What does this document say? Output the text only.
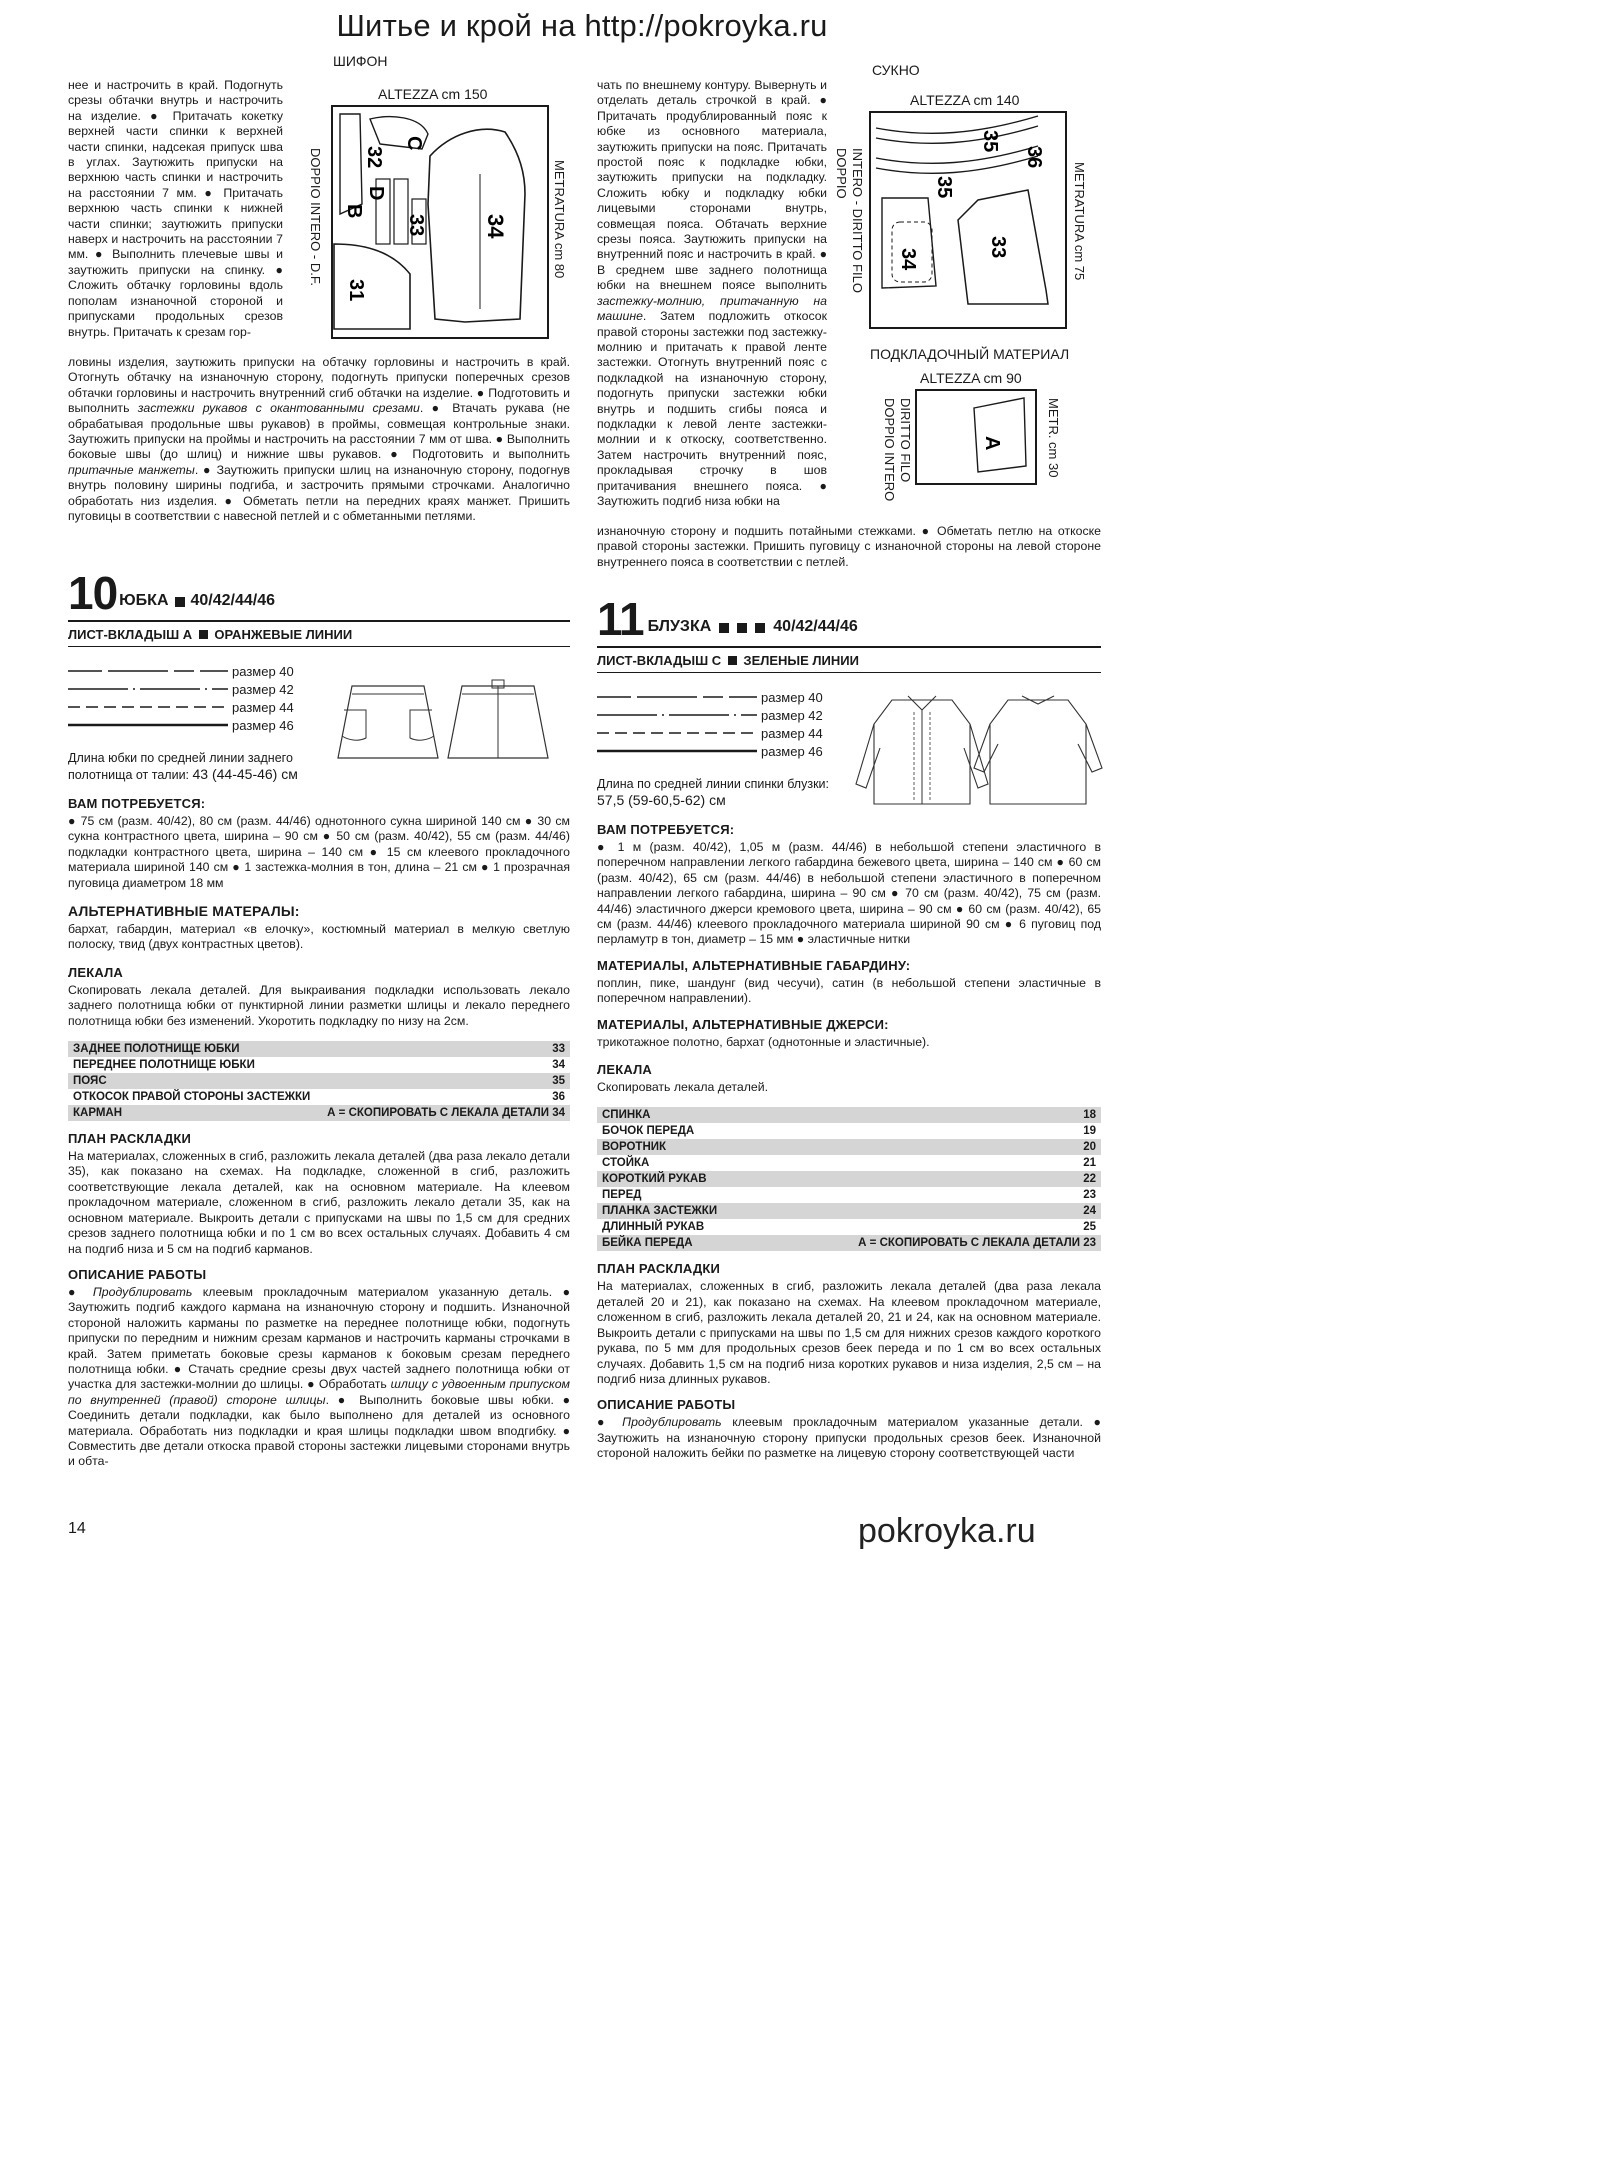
Шитье и крой на http://pokroyka.ru
ШИФОН
ALTEZZA cm 150
C
32
D
B
33	34
31
DOPPIO INTERO - D.F.	METRATURA cm 80
СУКНО
ALTEZZA cm 140
35
36
35
34
33
DOPPIO INTERO - DIRITTO FILO	METRATURA cm 75
ПОДКЛАДОЧНЫЙ МАТЕРИАЛ
ALTEZZA cm 90
A
DOPPIO INTERO DIRITTO FILO	METR. cm 30
нее и настрочить в край. Подогнуть срезы обтачки внутрь и настрочить на изделие. ● Притачать кокетку верхней части спинки к верхней части спинки, надсекая припуск шва в углах. Заутюжить припуски на верхнюю часть спинки и настрочить на расстоянии 7 мм. ● Притачать верхнюю часть спинки к нижней части спинки; заутюжить припуски наверх и настрочить на расстоянии 7 мм. ● Выполнить плечевые швы и заутюжить припуски на спинку. ● Сложить обтачку горловины вдоль пополам изнаночной стороной и припусками продольных срезов внутрь. Притачать к срезам гор-
ловины изделия, заутюжить припуски на обтачку горловины и настрочить в край. Отогнуть обтачку на изнаночную сторону, подогнуть припуски поперечных срезов обтачки горловины и настрочить внутренний сгиб обтачки на изделие. ● Подготовить и выполнить застежки рукавов с окантованными срезами. ● Втачать рукава (не обрабатывая продольные швы рукавов) в проймы, совмещая контрольные знаки. Заутюжить припуски на проймы и настрочить на расстоянии 7 мм от шва. ● Выполнить боковые швы (до шлиц) и нижние швы рукавов. ● Подготовить и выполнить притачные манжеты. ● Заутюжить припуски шлиц на изнаночную сторону, подогнув внутрь половину ширины подгиба, и застрочить прямыми строчками. Аналогично обработать низ изделия. ● Обметать петли на передних краях манжет. Пришить пуговицы в соответствии с навесной петлей и с обметанными петлями.
чать по внешнему контуру. Вывернуть и отделать деталь строчкой в край. ● Притачать продублированный пояс к юбке из основного материала, заутюжить припуски на пояс. Притачать простой пояс к подкладке юбки, заутюжить припуски на подкладку. Сложить юбку и подкладку юбки лицевыми сторонами внутрь, совмещая пояса. Обтачать верхние срезы пояса. Заутюжить припуски на внутренний пояс и настрочить в край. ● В среднем шве заднего полотнища юбки на внешнем поясе выполнить застежку-молнию, притачанную на машине. Затем подложить откосок правой стороны застежки под застежку-молнию и притачать к правой ленте застежки. Отогнуть внутренний пояс с подкладкой на изнаночную сторону, подогнуть припуски застежки юбки внутрь и подшить сгибы пояса и подкладки к левой ленте застежки-молнии и к откоску, соответственно. Затем настрочить внутренний пояс, прокладывая строчку в шов притачивания внешнего пояса. ● Заутюжить подгиб низа юбки на
изнаночную сторону и подшить потайными стежками. ● Обметать петлю на откоске правой стороны застежки. Пришить пуговицу с изнаночной стороны на левой стороне внутреннего пояса в соответствии с петлей.
10 ЮБКА 40/42/44/46
ЛИСТ-ВКЛАДЫШ А ОРАНЖЕВЫЕ ЛИНИИ
размер 40
размер 42
размер 44
размер 46
Длина юбки по средней линии заднего полотнища от талии: 43 (44-45-46) см
ВАМ ПОТРЕБУЕТСЯ:

● 75 см (разм. 40/42), 80 см (разм. 44/46) однотонного сукна шириной 140 см ● 30 см сукна контрастного цвета, ширина – 90 см ● 50 см (разм. 40/42), 55 см (разм. 44/46) подкладки контрастного цвета, ширина – 140 см ● 15 см клеевого прокладочного материала шириной 140 см ● 1 застежка-молния в тон, длина – 21 см ● 1 прозрачная пуговица диаметром 18 мм

АЛЬТЕРНАТИВНЫЕ МАТЕРАЛЫ:

бархат, габардин, материал «в елочку», костюмный материал в мелкую светлую полоску, твид (двух контрастных цветов).

ЛЕКАЛА

Скопировать лекала деталей. Для выкраивания подкладки использовать лекало заднего полотнища юбки от пунктирной линии разметки шлицы и лекало переднего полотнища юбки без изменений. Укоротить подкладку по низу на 2см.

ЗАДНЕЕ ПОЛОТНИЩЕ ЮБКИ	33
ПЕРЕДНЕЕ ПОЛОТНИЩЕ ЮБКИ	34
ПОЯС	35
ОТКОСОК ПРАВОЙ СТОРОНЫ ЗАСТЕЖКИ	36
КАРМАН	А = СКОПИРОВАТЬ С ЛЕКАЛА ДЕТАЛИ 34
ПЛАН РАСКЛАДКИ

На материалах, сложенных в сгиб, разложить лекала деталей (два раза лекало детали 35), как показано на схемах. На подкладке, сложенной в сгиб, разложить соответствующие лекала деталей, как на основном материале. На клеевом прокладочном материале, сложенном в сгиб, разложить лекало детали 35, как на основном материале. Выкроить детали с припусками на швы по 1,5 см для средних срезов заднего полотнища юбки и по 1 см во всех остальных случаях. Добавить 4 см на подгиб низа и 5 см на подгиб карманов.

ОПИСАНИЕ РАБОТЫ

● Продублировать клеевым прокладочным материалом указанную деталь. ● Заутюжить подгиб каждого кармана на изнаночную сторону и подшить. Изнаночной стороной наложить карманы по разметке на переднее полотнище юбки, подогнуть припуски по передним и нижним срезам карманов и настрочить карманы строчками в край. Затем приметать боковые срезы карманов к боковым срезам переднего полотнища юбки. ● Стачать средние срезы двух частей заднего полотнища юбки от участка для застежки-молнии до шлицы. ● Обработать шлицу с удвоенным припуском по внутренней (правой) стороне шлицы. ● Выполнить боковые швы юбки. ● Соединить детали подкладки, как было выполнено для деталей из основного материала. Обработать низ подкладки и края шлицы подкладки швом вподгибку. ● Совместить две детали откоска правой стороны застежки лицевыми сторонами внутрь и обта-

11 БЛУЗКА	40/42/44/46
ЛИСТ-ВКЛАДЫШ С ЗЕЛЕНЫЕ ЛИНИИ
размер 40
размер 42
размер 44
размер 46
Длина по средней линии спинки блузки:
57,5 (59-60,5-62) см
ВАМ ПОТРЕБУЕТСЯ:

● 1 м (разм. 40/42), 1,05 м (разм. 44/46) в небольшой степени эластичного в поперечном направлении легкого габардина бежевого цвета, ширина – 140 см ● 60 см (разм. 40/42), 65 см (разм. 44/46) в небольшой степени эластичного в поперечном направлении легкого габардина, ширина – 90 см ● 70 см (разм. 40/42), 75 см (разм. 44/46) эластичного джерси кремового цвета, ширина – 90 см ● 60 см (разм. 40/42), 65 см (разм. 44/46) клеевого прокладочного материала шириной 90 см ● 6 пуговиц под перламутр в тон, диаметр – 15 мм ● эластичные нитки

МАТЕРИАЛЫ, АЛЬТЕРНАТИВНЫЕ ГАБАРДИНУ:

поплин, пике, шандунг (вид чесучи), сатин (в небольшой степени эластичные в поперечном направлении).

МАТЕРИАЛЫ, АЛЬТЕРНАТИВНЫЕ ДЖЕРСИ:

трикотажное полотно, бархат (однотонные и эластичные).

ЛЕКАЛА

Скопировать лекала деталей.

СПИНКА	18
БОЧОК ПЕРЕДА	19
ВОРОТНИК	20
СТОЙКА	21
КОРОТКИЙ РУКАВ	22
ПЕРЕД	23
ПЛАНКА ЗАСТЕЖКИ	24
ДЛИННЫЙ РУКАВ	25
БЕЙКА ПЕРЕДА	А = СКОПИРОВАТЬ С ЛЕКАЛА ДЕТАЛИ 23
ПЛАН РАСКЛАДКИ

На материалах, сложенных в сгиб, разложить лекала деталей (два раза лекала деталей 20 и 21), как показано на схемах. На клеевом прокладочном материале, сложенном в сгиб, разложить лекала деталей 20, 21 и 24, как на основном материале. Выкроить детали с припусками на швы по 1,5 см для нижних срезов каждого короткого рукава, по 5 мм для продольных срезов беек переда и по 1 см во всех остальных случаях. Добавить 1,5 см на подгиб низа коротких рукавов и низа изделия, 2,5 см – на подгиб низа длинных рукавов.

ОПИСАНИЕ РАБОТЫ

● Продублировать клеевым прокладочным материалом указанные детали. ● Заутюжить на изнаночную сторону припуски продольных срезов беек. Изнаночной стороной наложить бейки по разметке на лицевую сторону соответствующей части

14	pokroyka.ru
